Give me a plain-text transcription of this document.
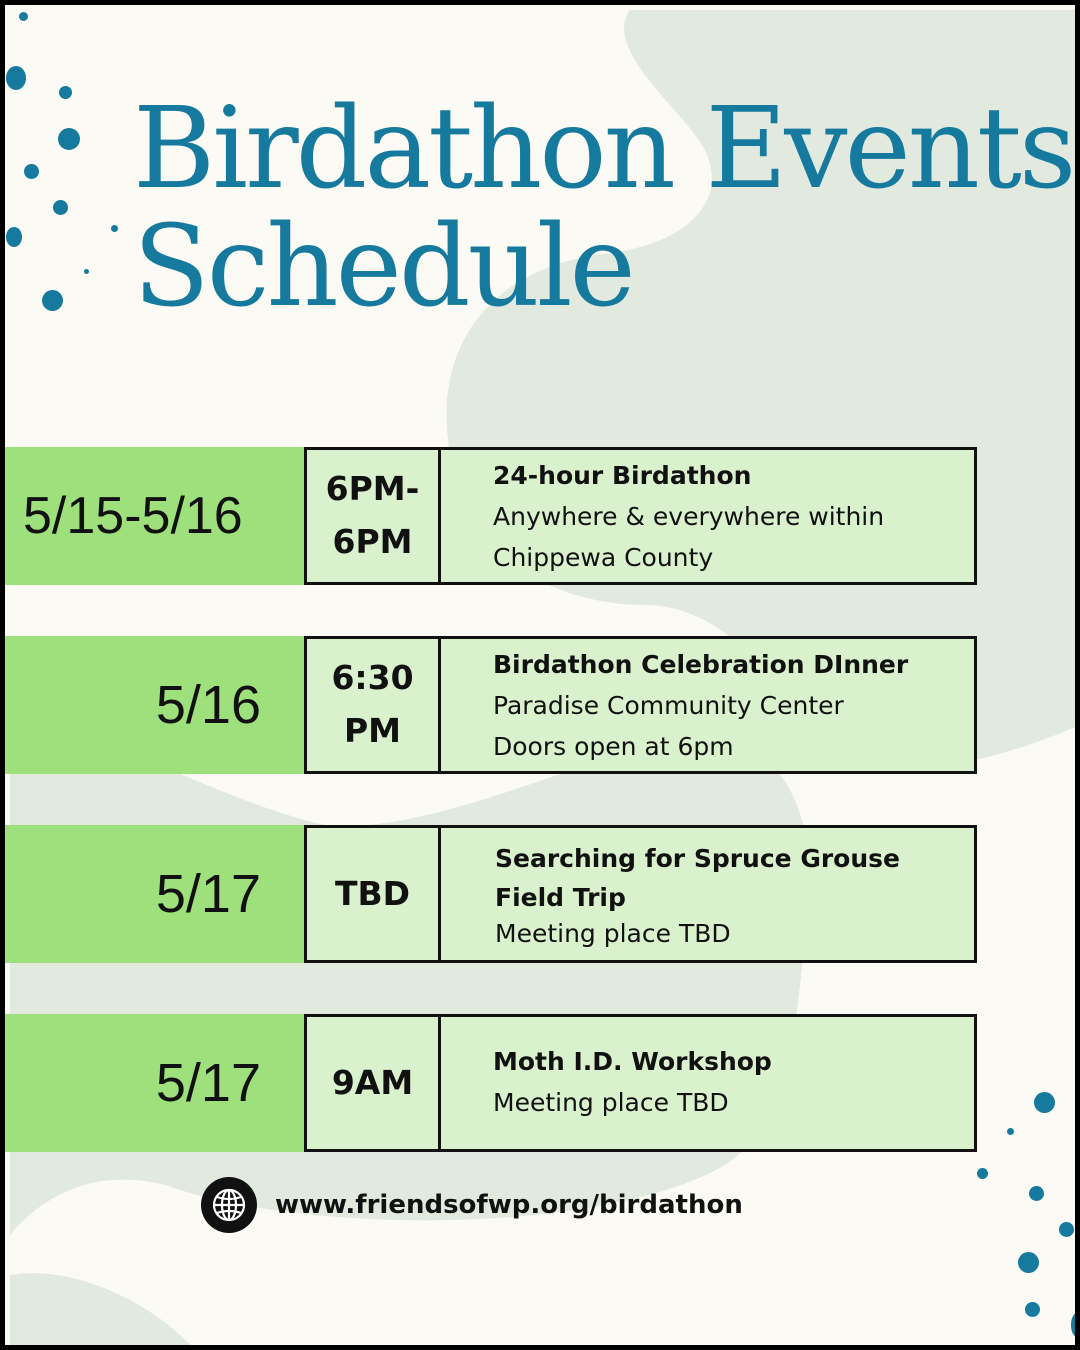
Birdathon Events
Schedule
5/15-5/16	6PM-
6PM
24-hour Birdathon
Anywhere & everywhere within
Chippewa County
5/16	6:30
PM
Birdathon Celebration DInner
Paradise Community Center
Doors open at 6pm
5/17	TBD
Searching for Spruce Grouse
Field Trip
Meeting place TBD
5/17	9AM
Moth I.D. Workshop
Meeting place TBD
www.friendsofwp.org/birdathon
